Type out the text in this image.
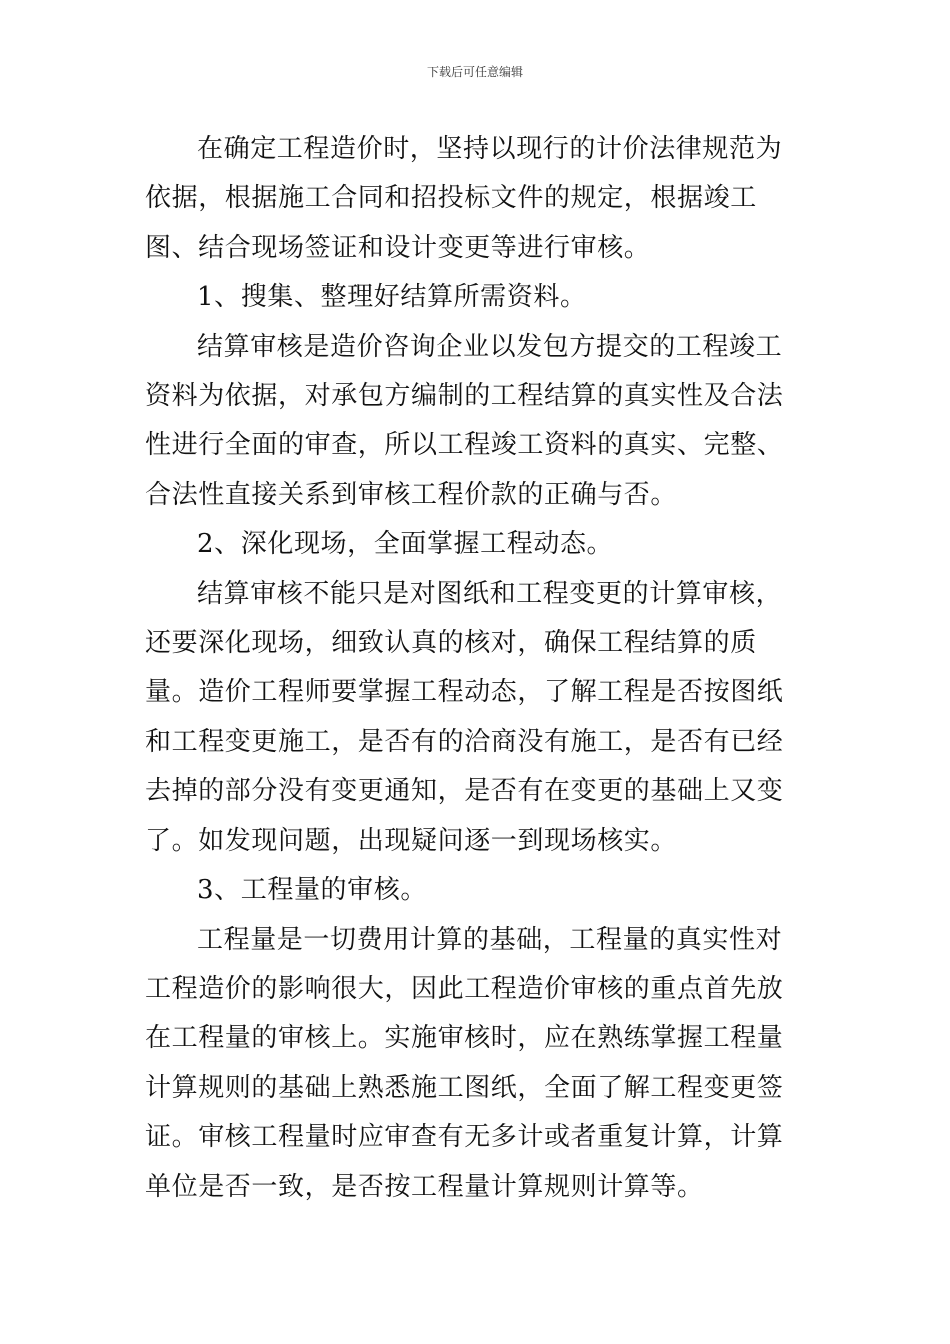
下载后可任意编辑

在确定工程造价时，坚持以现行的计价法律规范为依据，根据施工合同和招投标文件的规定，根据竣工图、结合现场签证和设计变更等进行审核。

1、搜集、整理好结算所需资料。

结算审核是造价咨询企业以发包方提交的工程竣工资料为依据，对承包方编制的工程结算的真实性及合法性进行全面的审查，所以工程竣工资料的真实、完整、合法性直接关系到审核工程价款的正确与否。

2、深化现场，全面掌握工程动态。

结算审核不能只是对图纸和工程变更的计算审核，还要深化现场，细致认真的核对，确保工程结算的质量。造价工程师要掌握工程动态，了解工程是否按图纸和工程变更施工，是否有的洽商没有施工，是否有已经去掉的部分没有变更通知，是否有在变更的基础上又变了。如发现问题，出现疑问逐一到现场核实。

3、工程量的审核。

工程量是一切费用计算的基础，工程量的真实性对工程造价的影响很大，因此工程造价审核的重点首先放在工程量的审核上。实施审核时，应在熟练掌握工程量计算规则的基础上熟悉施工图纸，全面了解工程变更签证。审核工程量时应审查有无多计或者重复计算，计算单位是否一致，是否按工程量计算规则计算等。
